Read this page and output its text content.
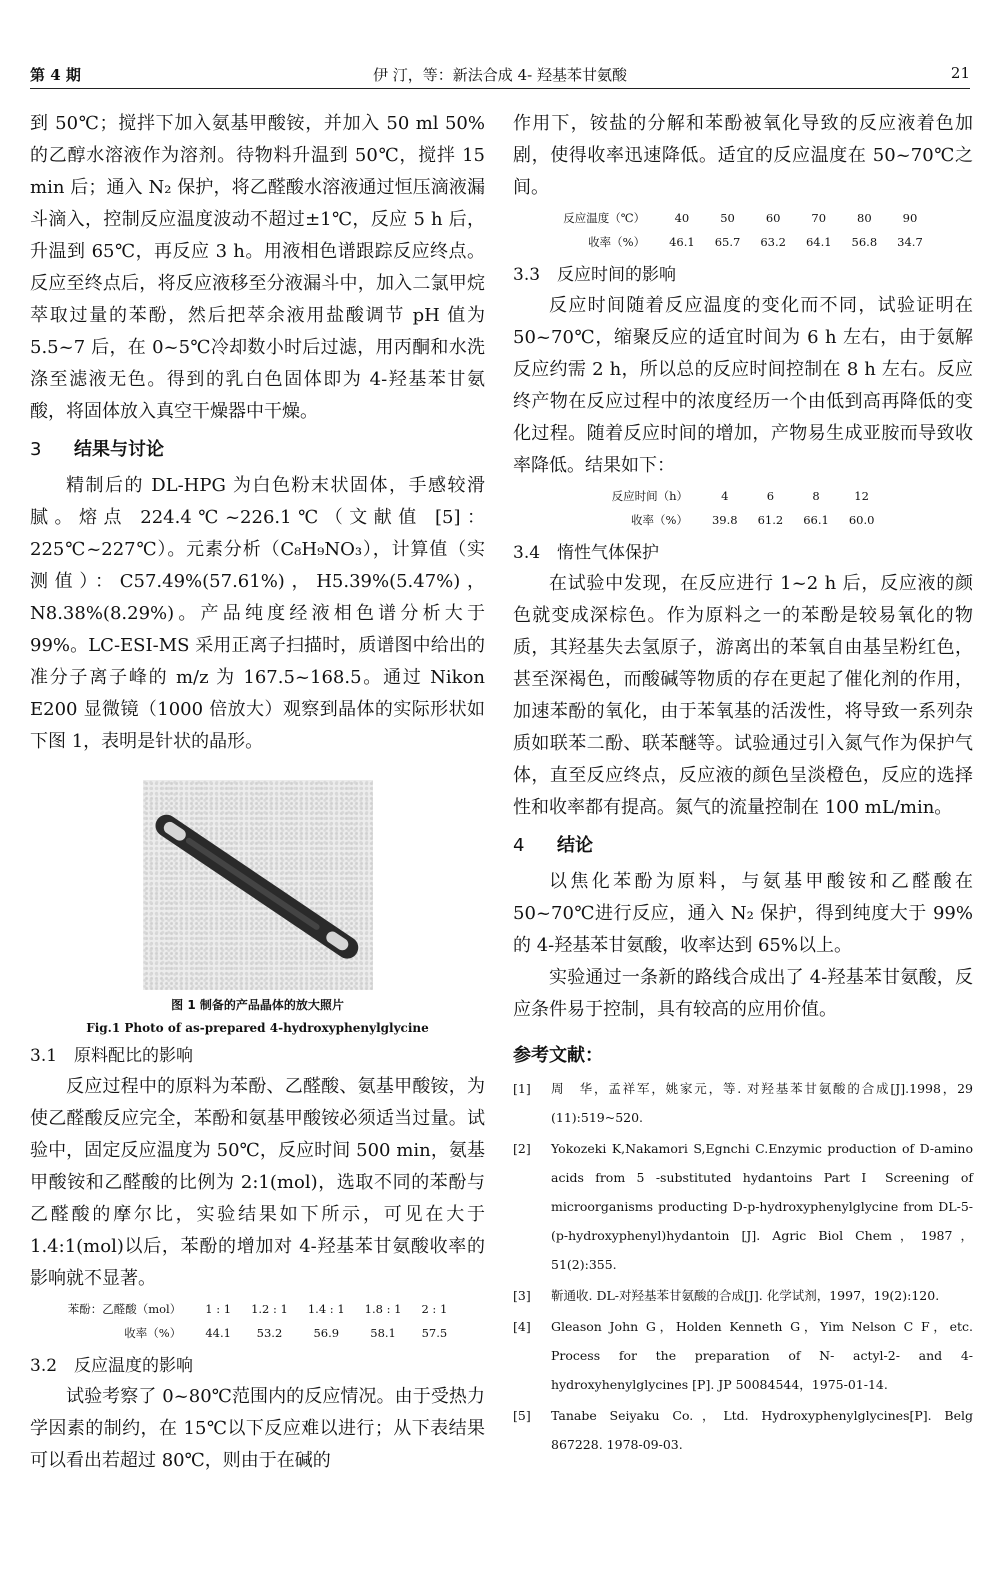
第 4 期	伊 汀，等：新法合成 4- 羟基苯甘氨酸	21

到 50℃；搅拌下加入氨基甲酸铵，并加入 50 ml 50% 的乙醇水溶液作为溶剂。待物料升温到 50℃，搅拌 15 min 后；通入 N₂ 保护，将乙醛酸水溶液通过恒压滴液漏斗滴入，控制反应温度波动不超过±1℃，反应 5 h 后，升温到 65℃，再反应 3 h。用液相色谱跟踪反应终点。反应至终点后，将反应液移至分液漏斗中，加入二氯甲烷萃取过量的苯酚，然后把萃余液用盐酸调节 pH 值为 5.5~7 后，在 0~5℃冷却数小时后过滤，用丙酮和水洗涤至滤液无色。得到的乳白色固体即为 4-羟基苯甘氨酸，将固体放入真空干燥器中干燥。

3 结果与讨论

精制后的 DL-HPG 为白色粉末状固体，手感较滑腻。熔点 224.4℃~226.1℃（文献值 [5]：225℃~227℃）。元素分析（C₈H₉NO₃），计算值（实测值）：C57.49%(57.61%)，H5.39%(5.47%)，N8.38%(8.29%)。产品纯度经液相色谱分析大于 99%。LC-ESI-MS 采用正离子扫描时，质谱图中给出的准分子离子峰的 m/z 为 167.5~168.5。通过 Nikon E200 显微镜（1000 倍放大）观察到晶体的实际形状如下图 1，表明是针状的晶形。

图 1 制备的产品晶体的放大照片
Fig.1 Photo of as-prepared 4-hydroxyphenylglycine
3.1 原料配比的影响

反应过程中的原料为苯酚、乙醛酸、氨基甲酸铵，为使乙醛酸反应完全，苯酚和氨基甲酸铵必须适当过量。试验中，固定反应温度为 50℃，反应时间 500 min，氨基甲酸铵和乙醛酸的比例为 2:1(mol)，选取不同的苯酚与乙醛酸的摩尔比，实验结果如下所示，可见在大于 1.4:1(mol)以后，苯酚的增加对 4-羟基苯甘氨酸收率的影响就不显著。

苯酚：乙醛酸（mol）	1 : 1	1.2 : 1	1.4 : 1	1.8 : 1	2 : 1
收率（%）	44.1	53.2	56.9	58.1	57.5
3.2 反应温度的影响

试验考察了 0~80℃范围内的反应情况。由于受热力学因素的制约，在 15℃以下反应难以进行；从下表结果可以看出若超过 80℃，则由于在碱的

作用下，铵盐的分解和苯酚被氧化导致的反应液着色加剧，使得收率迅速降低。适宜的反应温度在 50~70℃之间。

反应温度（℃）	40	50	60	70	80	90
收率（%）	46.1	65.7	63.2	64.1	56.8	34.7
3.3 反应时间的影响

反应时间随着反应温度的变化而不同，试验证明在 50~70℃，缩聚反应的适宜时间为 6 h 左右，由于氨解反应约需 2 h，所以总的反应时间控制在 8 h 左右。反应终产物在反应过程中的浓度经历一个由低到高再降低的变化过程。随着反应时间的增加，产物易生成亚胺而导致收率降低。结果如下：

反应时间（h）	4	6	8	12
收率（%）	39.8	61.2	66.1	60.0
3.4 惰性气体保护

在试验中发现，在反应进行 1~2 h 后，反应液的颜色就变成深棕色。作为原料之一的苯酚是较易氧化的物质，其羟基失去氢原子，游离出的苯氧自由基呈粉红色，甚至深褐色，而酸碱等物质的存在更起了催化剂的作用，加速苯酚的氧化，由于苯氧基的活泼性，将导致一系列杂质如联苯二酚、联苯醚等。试验通过引入氮气作为保护气体，直至反应终点，反应液的颜色呈淡橙色，反应的选择性和收率都有提高。氮气的流量控制在 100 mL/min。

4 结论

以焦化苯酚为原料，与氨基甲酸铵和乙醛酸在 50~70℃进行反应，通入 N₂ 保护，得到纯度大于 99% 的 4-羟基苯甘氨酸，收率达到 65%以上。

实验通过一条新的路线合成出了 4-羟基苯甘氨酸，反应条件易于控制，具有较高的应用价值。

参考文献：
[1]	周　华，孟祥军，姚家元，等. 对羟基苯甘氨酸的合成[J].1998，29 (11):519~520.
[2]	Yokozeki K,Nakamori S,Egnchi C.Enzymic production of D-amino acids from 5 -substituted hydantoins Part Ⅰ Screening of microorganisms producting D-p-hydroxyphenylglycine from DL-5-(p-hydroxyphenyl)hydantoin [J]. Agric Biol Chem，1987，51(2):355.
[3]	靳通收. DL-对羟基苯甘氨酸的合成[J]. 化学试剂，1997，19(2):120.
[4]	Gleason John G，Holden Kenneth G，Yim Nelson C F，etc.　Process for the preparation of N- actyl-2- and 4-hydroxyhenylglycines [P]. JP 50084544，1975-01-14.
[5]	Tanabe Seiyaku Co.，Ltd. Hydroxyphenylglycines[P]. Belg 867228. 1978-09-03.
